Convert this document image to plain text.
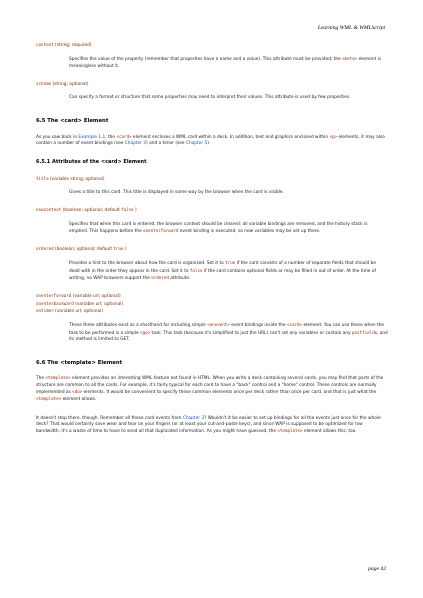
Learning WML & WMLScript

content (string; required)

Specifies the value of the property (remember that properties have a name and a value). This attribute must be provided; the <meta> element is meaningless without it.

scheme (string; optional)

Can specify a format or structure that some properties may need to interpret their values. This attribute is used by few properties.

6.5 The <card> Element

As you saw back in Example 1.1, the <card> element encloses a WML card within a deck. In addition, text and graphics enclosed within <p> elements, it may also contain a number of event bindings (see Chapter 3) and a timer (see Chapter 5).

6.5.1 Attributes of the <card> Element

title (variable string; optional)

Gives a title to this card. This title is displayed in some way by the browser when the card is visible.

newcontext (boolean; optional; default false )

Specifies that when this card is entered, the browser context should be cleared: all variable bindings are removed, and the history stack is emptied. This happens before the onenterforward event binding is executed, so new variables may be set up there.

ordered (boolean; optional; default true )

Provides a hint to the browser about how the card is organized. Set it to true if the card consists of a number of separate fields that should be dealt with in the order they appear in the card. Set it to false if the card contains optional fields or may be filled in out of order. At the time of writing, no WAP browsers support the ordered attribute.

onenterforward (variable url; optional)

onenterbackward (variable url; optional)

ontimer (variable url; optional)

These three attributes exist as a shorthand for including simple <onevent> event bindings inside the <card> element. You can use these when the task to be performed is a simple <go> task. This task (because it's simplified to just the URL) can't set any variables or contain any postfields, and its method is limited to GET.

6.6 The <template> Element

The <template> element provides an interesting WML feature not found in HTML. When you write a deck containing several cards, you may find that parts of the structure are common to all the cards. For example, it's fairly typical for each card to have a "back" control and a "home" control. These controls are normally implemented as <do> elements. It would be convenient to specify these common elements once per deck rather than once per card, and that is just what the <template> element allows.

It doesn't stop there, though. Remember all those card events from Chapter 3? Wouldn't it be easier to set up bindings for all the events just once for the whole deck? That would certainly save wear and tear on your fingers (or at least your cut-and-paste keys), and since WAP is supposed to be optimized for low bandwidth, it's a waste of time to have to send all that duplicated information. As you might have guessed, the <template> element allows this, too.

page 42
